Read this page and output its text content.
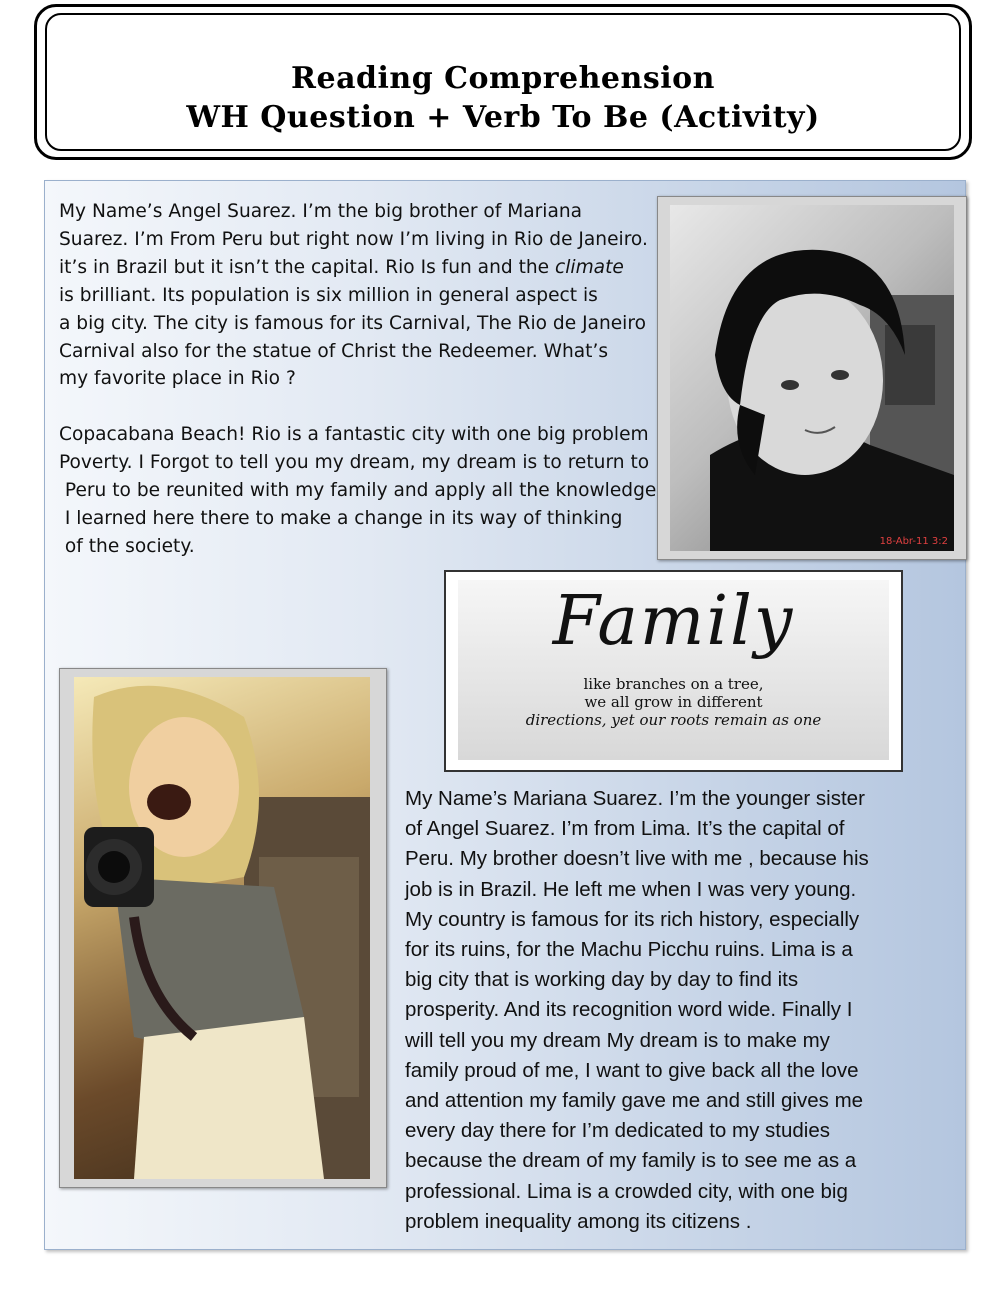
Reading Comprehension
WH Question + Verb To Be (Activity)
My Name’s Angel Suarez. I’m the big brother of Mariana
Suarez. I’m From Peru but right now I’m living in Rio de Janeiro.
it’s in Brazil but it isn’t the capital. Rio Is fun and the climate
is brilliant. Its population is six million in general aspect is
a big city. The city is famous for its Carnival, The Rio de Janeiro
Carnival also for the statue of Christ the Redeemer. What’s
my favorite place in Rio ?
Copacabana Beach! Rio is a fantastic city with one big problem
Poverty. I Forgot to tell you my dream, my dream is to return to
Peru to be reunited with my family and apply all the knowledge
I learned here there to make a change in its way of thinking
of the society.	18-Abr-11 3:2
Family
like branches on a tree,
we all grow in different
directions, yet our roots remain as one
My Name’s Mariana Suarez. I’m the younger sister
of Angel Suarez. I’m from Lima. It’s the capital of
Peru. My brother doesn’t live with me , because his
job is in Brazil. He left me when I was very young.
My country is famous for its rich history, especially
for its ruins, for the Machu Picchu ruins. Lima is a
big city that is working day by day to find its
prosperity. And its recognition word wide. Finally I
will tell you my dream My dream is to make my
family proud of me, I want to give back all the love
and attention my family gave me and still gives me
every day there for I’m dedicated to my studies
because the dream of my family is to see me as a
professional. Lima is a crowded city, with one big
problem inequality among its citizens .
